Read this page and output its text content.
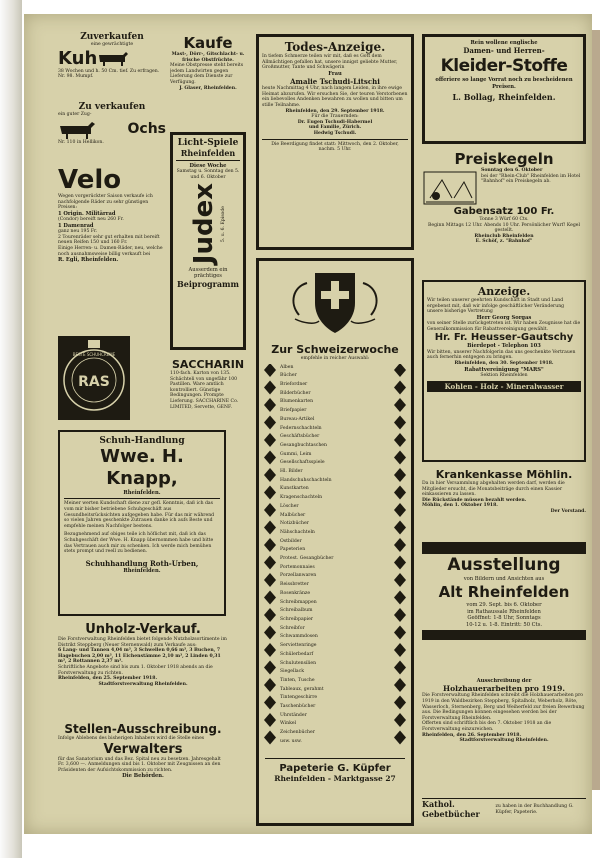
Zuverkaufen
eine gewrächtigte
Kuh
38 Wochen und h. 50 Cm. tief. Zu erfragen. Nr. 98. Mumpf.
Zu verkaufen
ein guter Zug-
Ochs
Nr. 110 in Hellikon.
Velo
Wegen vorgerückter Saison verkaufe ich nachfolgende Räder zu sehr günstigen Preisen:
1 Origin. Militärrad
(Condor) bereift neu 260 Fr.
1 Damenrad
ganz neu 195 Fr.
2 Tourenräder sehr gut erhalten mit bereift neuen Reifen 150 und 160 Fr.
Einige Herren- u. Damen-Räder, neu, welche noch ausnahmsweise billig verkauft bei
R. Egli, Rheinfelden.
RAS
BESTE SCHUHCREME
Schuh-Handlung
Wwe. H. Knapp,
Rheinfelden.
Meiner werten Kundschaft diene zur gefl. Kenntnis, daß ich das vom mir bisher betriebene Schuhgeschäft aus Gesundheitsrücksichten aufgegeben habe. Für das mir während so vielen Jahren geschenkte Zutrauen danke ich aufs Beste und empfehle meinen Nachfolger bestens.
Bezugnehmend auf obiges teile ich höflichst mit, daß ich das Schuhgeschäft der Wwe. H. Knapp übernommen habe und bitte das Vertrauen auch mir zu schenken. Ich werde mich bemühen stets prompt und reell zu bedienen.
Schuhhandlung Roth-Urben,
Rheinfelden.
Unholz-Verkauf.
Die Forstverwaltung Rheinfelden bietet folgende Nutzholzsortimente im Distrikt Steppberg (Neuer Sternenwald) zum Verkaufe aus:
6 Lang- und Tannen 4,04 m³, 3 Schwellen 0,66 m³, 3 Buchen, 7 Hagebuchen 2,00 m³, 11 Eichenstämme 2,10 m³, 2 Linden 0,31 m³, 2 Rottannen 2,37 m³.
Schriftliche Angebote sind bis zum 1. Oktober 1918 abends an die Forstverwaltung zu richten.
Rheinfelden, den 25. September 1918.
Stadtforstverwaltung Rheinfelden.
Stellen-Ausschreibung.
Infolge Ablebens des bisherigen Inhabers wird die Stelle eines
Verwalters
für das Sanatorium und das Bez. Spital neu zu besetzen. Jahresgehalt Fr. 3,600 —. Anmeldungen sind bis 1. Oktober mit Zeugnissen an den Präsidenten der Aufsichtskommission zu richten.
Die Behörden.
Kaufe
Mast-, Dörr-, Gitschlacht- u. frische Obstfrüchte.
Meine Obstpresse steht bereits jedem Landwirten gegen Lieferung dem Dienste zur Verfügung.
J. Glaser, Rheinfelden.
Licht-Spiele
Rheinfelden
Diese Woche
Samstag u. Sonntag den 5. und 6. Oktober
Judex 5. u. 6. Episode
Ausserdem ein prächtiges
Beiprogramm
SACCHARIN
110-fach. Karton von 135. Schächteli von ungefähr 100 Pastillen. Ware amtlich kontrolliert. Günstige Bedingungen. Prompte Lieferung. SACCHARINE Co. LIMITED, Servette, GENF.
Todes-Anzeige.
In tiefem Schmerze teilen wir mit, daß es Gott dem Allmächtigen gefallen hat, unsere innigst geliebte Mutter, Großmutter, Tante und Schwägerin
Frau
Amalie Tschudi-Litschi
heute Nachmittag 4 Uhr, nach langem Leiden, in ihre ewige Heimat abzurufen. Wir ersuchen Sie, der teuren Verstorbenen ein liebevolles Andenken bewahren zu wollen und bitten um stille Teilnahme.
Rheinfelden, den 29. September 1918.
Für die Trauernden:
Dr. Eugen Tschudi-Habermel
und Familie, Zürich.
Hedwig Tschudi.
Die Beerdigung findet statt: Mittwoch, den 2. Oktober, nachm. 5 Uhr.
Zur Schweizerwoche
empfehle in reicher Auswahl:
Alben
Bücher
Briefordner
Bilderbücher
Blumenkarten
Briefpapier
Bureau-Artikel
Federnschachteln
Geschäftsbücher
Gesangbuchtaschen
Gummi, Leim
Gesellschaftsspiele
Hl. Bilder
Handschuhschachteln
Kunstkarten
Kragenschachteln
Löscher
Malbücher
Notizbücher
Nähschachteln
Ostbilder
Papeterien
Protest. Gesangbücher
Portemonnaies
Porzellanwaren
Reissbretter
Rosenkränze
Schreibmappen
Schreibalbum
Schreibpapier
Schreibfor
Schwammdosen
Serviettenringe
Schülerbedarf
Schulutensilien
Siegellack
Tinten, Tusche
Tableaux, gerahmt
Tintengeschirre
Taschenbücher
Uhrständer
Winkel
Zeichenbücher
usw. usw.
Papeterie G. Küpfer
Rheinfelden - Marktgasse 27
Rein wollene englische
Damen- und Herren-
Kleider-Stoffe
offeriere so lange Vorrat noch zu bescheidenen Preisen.
L. Bollag, Rheinfelden.
Preiskegeln
Sonntag den 6. Oktober
bei der "Rhein-Club" Rheinfelden im Hotel "Bahnhof" ein Preiskegeln ab.
Gabensatz 100 Fr.
Tonne 3 Würf 60 Cts.
Beginn Mittags 12 Uhr. Abends 10 Uhr. Persönlicher Wurf! Kegel gestellt.
Rheinclub Rheinfelden
E. Schöf, z. "Bahnhof"
Anzeige.
Wir teilen unserer geehrten Kundschaft in Stadt und Land ergebenst mit, daß wir infolge geschäftlicher Veränderung unsere bisherige Vertretung
Herr Georg Sorgas
von seiner Stelle zurückgetreten ist. Wir haben Zeugnisse hat die Generalkommission für Rabattvereinigung gewählt.
Hr. Fr. Heusser-Gautschy
Bierdepot - Telephon 103
Wir bitten, unserer Nachfolgerin das uns geschenkte Vertrauen auch fernerhin entgegen zu bringen.
Rheinfelden, den 30. September 1918.
Rabattvereinigung "MARS"
Sektion Rheinfelden
Kohlen - Holz - Mineralwasser
Krankenkasse Möhlin.
Da in hier Versammlung abgehalten werden darf, werden die Mitglieder ersucht, die Monatsbeiträge durch einen Kassier einkassieren zu lassen.
Die Rückstände müssen bezahlt werden.
Möhlin, den 1. Oktober 1918.
Der Vorstand.
Ausstellung
von Bildern und Ansichten aus
Alt Rheinfelden
vom 29. Sept. bis 6. Oktober
im Rathaussale Rheinfelden
Geöffnet: 1-8 Uhr, Sonntags
10-12 u. 1-8. Eintritt: 50 Cts.
Ausschreibung der
Holzhauerarbeiten pro 1919.
Die Forstverwaltung Rheinfelden schreibt die Holzhauerarbeiten pro 1919 in den Waldbezirken Steppberg, Spitalholz, Weberholz, Röte, Wasserloch, Sternenberg, Berg und Weiherfeld zur freien Bewerbung aus. Die Bedingungen können eingesehen werden bei der Forstverwaltung Rheinfelden.
Offerten sind schriftlich bis den 7. Oktober 1918 an die Forstverwaltung einzureichen.
Rheinfelden, den 26. September 1918.
Stadtforstverwaltung Rheinfelden.
Kathol. Gebetbücher
zu haben in der Buchhandlung G. Küpfer, Papeterie.
